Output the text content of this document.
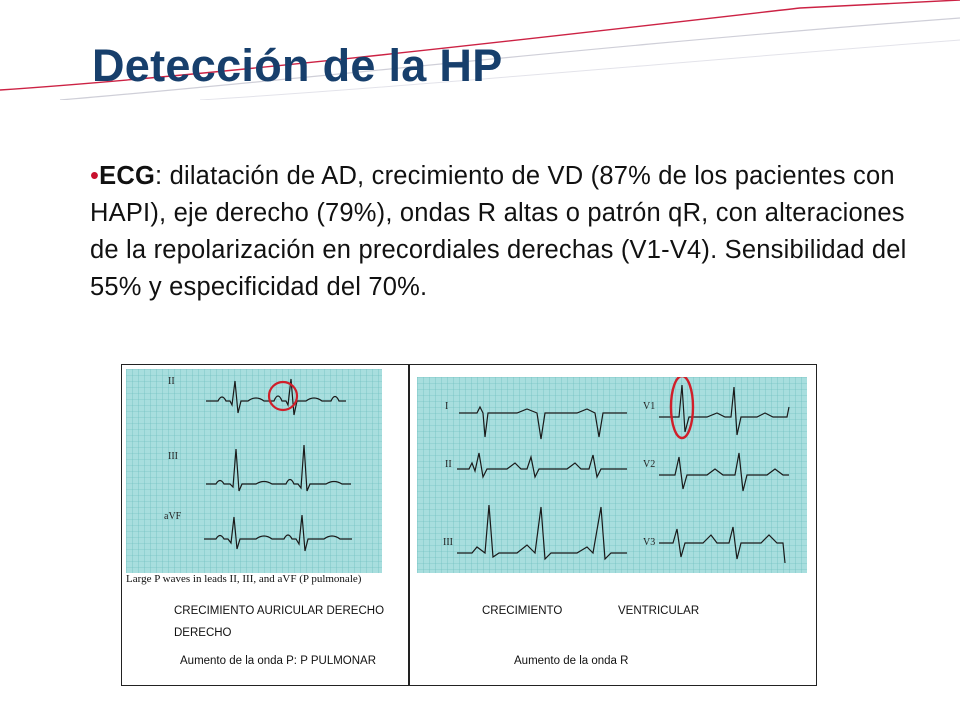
Detección de la HP
•ECG: dilatación de AD, crecimiento de VD (87% de los pacientes con HAPI), eje derecho (79%), ondas R altas o patrón qR, con alteraciones de la repolarización en precordiales derechas (V1-V4). Sensibilidad del 55% y especificidad del 70%.
II
III
aVF
Large P waves in leads II, III, and aVF (P pulmonale)
CRECIMIENTO AURICULAR DERECHO
DERECHO
Aumento de la onda P: P PULMONAR
I
II
III
V1
V2
V3
CRECIMIENTO	VENTRICULAR
Aumento de la onda R
